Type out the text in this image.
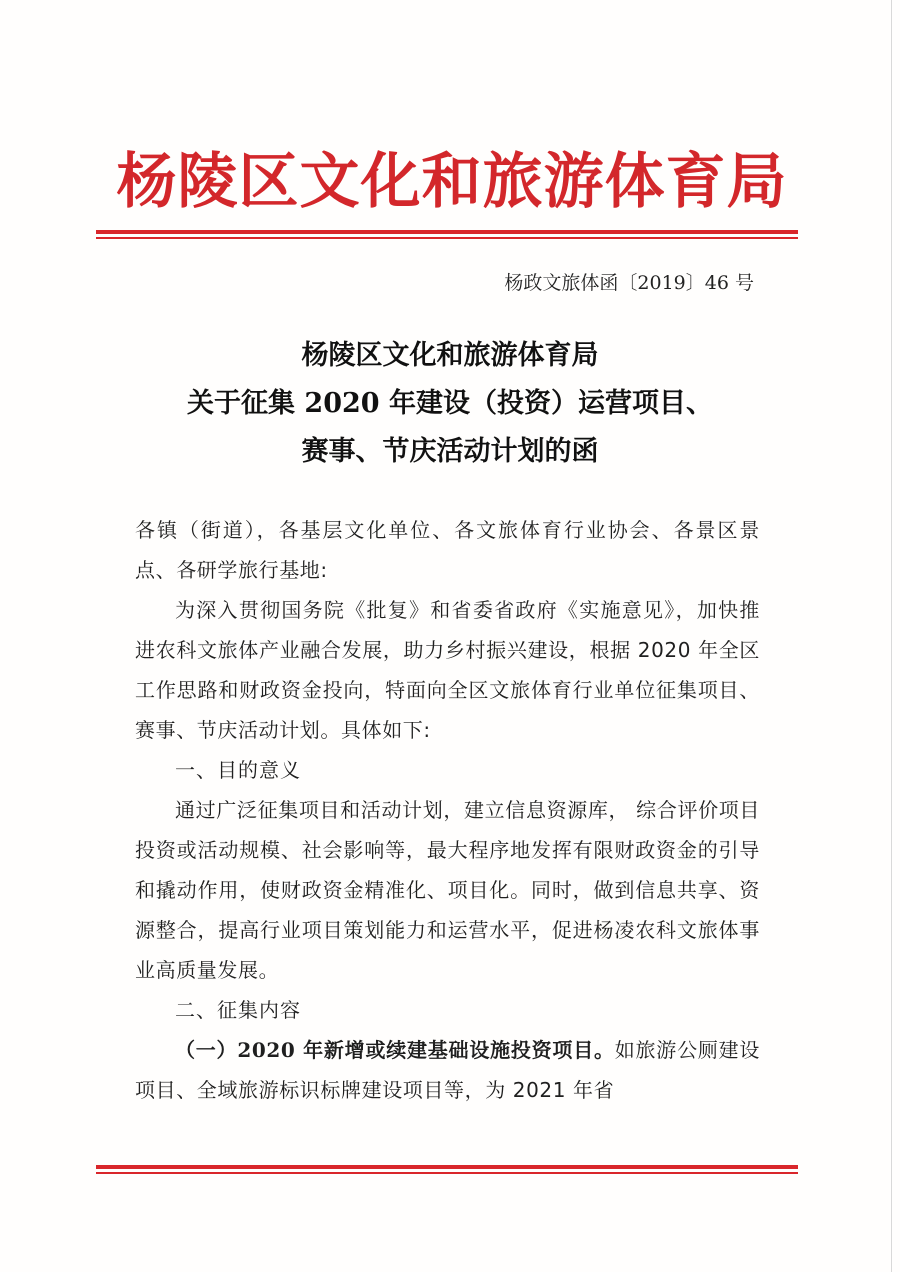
杨陵区文化和旅游体育局

杨政文旅体函〔2019〕46 号

杨陵区文化和旅游体育局
关于征集 2020 年建设（投资）运营项目、
赛事、节庆活动计划的函

各镇（街道），各基层文化单位、各文旅体育行业协会、各景区景点、各研学旅行基地:

为深入贯彻国务院《批复》和省委省政府《实施意见》，加快推进农科文旅体产业融合发展，助力乡村振兴建设，根据 2020 年全区工作思路和财政资金投向，特面向全区文旅体育行业单位征集项目、赛事、节庆活动计划。具体如下:

一、目的意义

通过广泛征集项目和活动计划，建立信息资源库， 综合评价项目投资或活动规模、社会影响等，最大程序地发挥有限财政资金的引导和撬动作用，使财政资金精准化、项目化。同时，做到信息共享、资源整合，提高行业项目策划能力和运营水平，促进杨凌农科文旅体事业高质量发展。

二、征集内容

（一）2020 年新增或续建基础设施投资项目。如旅游公厕建设项目、全域旅游标识标牌建设项目等，为 2021 年省
